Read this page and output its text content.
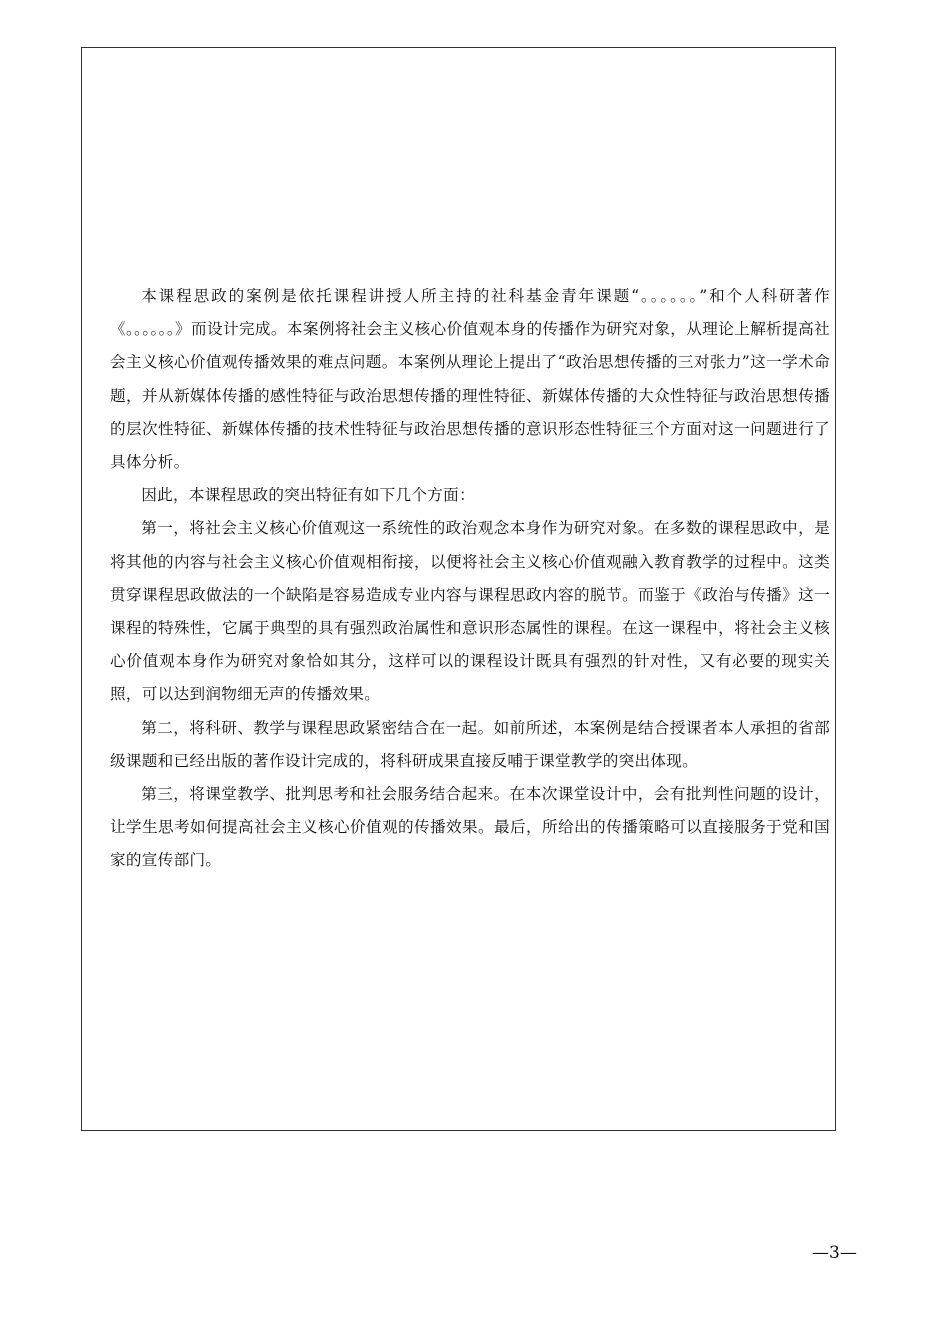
本课程思政的案例是依托课程讲授人所主持的社科基金青年课题“。。。。。。”和个人科研著作《。。。。。。》而设计完成。本案例将社会主义核心价值观本身的传播作为研究对象，从理论上解析提高社会主义核心价值观传播效果的难点问题。本案例从理论上提出了“政治思想传播的三对张力”这一学术命题，并从新媒体传播的感性特征与政治思想传播的理性特征、新媒体传播的大众性特征与政治思想传播的层次性特征、新媒体传播的技术性特征与政治思想传播的意识形态性特征三个方面对这一问题进行了具体分析。

因此，本课程思政的突出特征有如下几个方面：

第一，将社会主义核心价值观这一系统性的政治观念本身作为研究对象。在多数的课程思政中，是将其他的内容与社会主义核心价值观相衔接，以便将社会主义核心价值观融入教育教学的过程中。这类贯穿课程思政做法的一个缺陷是容易造成专业内容与课程思政内容的脱节。而鉴于《政治与传播》这一课程的特殊性，它属于典型的具有强烈政治属性和意识形态属性的课程。在这一课程中，将社会主义核心价值观本身作为研究对象恰如其分，这样可以的课程设计既具有强烈的针对性，又有必要的现实关照，可以达到润物细无声的传播效果。

第二，将科研、教学与课程思政紧密结合在一起。如前所述，本案例是结合授课者本人承担的省部级课题和已经出版的著作设计完成的，将科研成果直接反哺于课堂教学的突出体现。

第三，将课堂教学、批判思考和社会服务结合起来。在本次课堂设计中，会有批判性问题的设计，让学生思考如何提高社会主义核心价值观的传播效果。最后，所给出的传播策略可以直接服务于党和国家的宣传部门。

—3—
